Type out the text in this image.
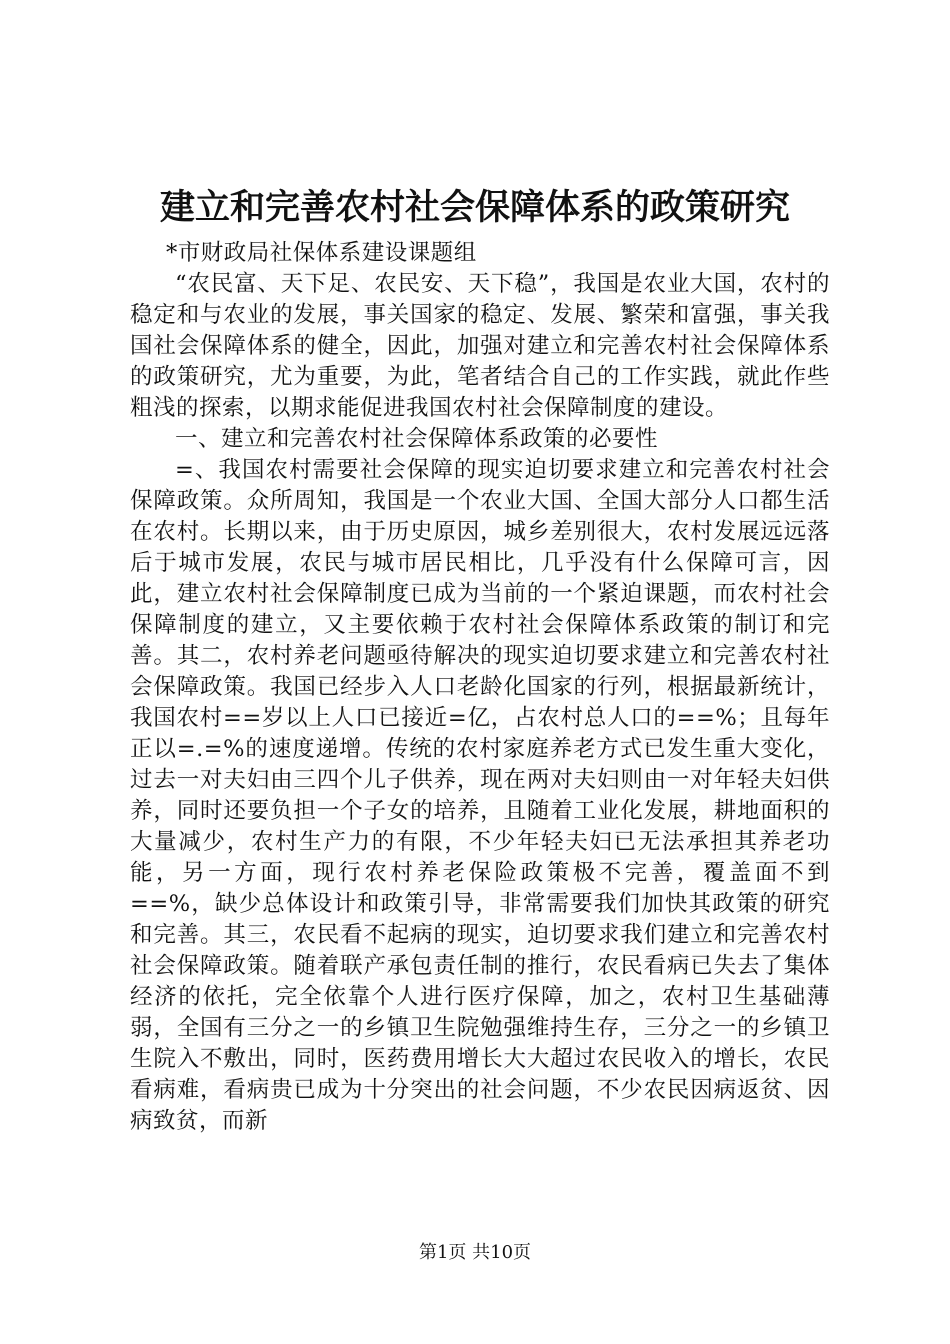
建立和完善农村社会保障体系的政策研究

*市财政局社保体系建设课题组

“农民富、天下足、农民安、天下稳”，我国是农业大国，农村的稳定和与农业的发展，事关国家的稳定、发展、繁荣和富强，事关我国社会保障体系的健全，因此，加强对建立和完善农村社会保障体系的政策研究，尤为重要，为此，笔者结合自己的工作实践，就此作些粗浅的探索，以期求能促进我国农村社会保障制度的建设。

一、建立和完善农村社会保障体系政策的必要性

=、我国农村需要社会保障的现实迫切要求建立和完善农村社会保障政策。众所周知，我国是一个农业大国、全国大部分人口都生活在农村。长期以来，由于历史原因，城乡差别很大，农村发展远远落后于城市发展，农民与城市居民相比，几乎没有什么保障可言，因此，建立农村社会保障制度已成为当前的一个紧迫课题，而农村社会保障制度的建立，又主要依赖于农村社会保障体系政策的制订和完善。其二，农村养老问题亟待解决的现实迫切要求建立和完善农村社会保障政策。我国已经步入人口老龄化国家的行列，根据最新统计，我国农村==岁以上人口已接近=亿，占农村总人口的==%；且每年正以=.=%的速度递增。传统的农村家庭养老方式已发生重大变化，过去一对夫妇由三四个儿子供养，现在两对夫妇则由一对年轻夫妇供养，同时还要负担一个子女的培养，且随着工业化发展，耕地面积的大量减少，农村生产力的有限，不少年轻夫妇已无法承担其养老功能，另一方面，现行农村养老保险政策极不完善，覆盖面不到==%，缺少总体设计和政策引导，非常需要我们加快其政策的研究和完善。其三，农民看不起病的现实，迫切要求我们建立和完善农村社会保障政策。随着联产承包责任制的推行，农民看病已失去了集体经济的依托，完全依靠个人进行医疗保障，加之，农村卫生基础薄弱，全国有三分之一的乡镇卫生院勉强维持生存，三分之一的乡镇卫生院入不敷出，同时，医药费用增长大大超过农民收入的增长，农民看病难，看病贵已成为十分突出的社会问题，不少农民因病返贫、因病致贫，而新

第1页 共10页
